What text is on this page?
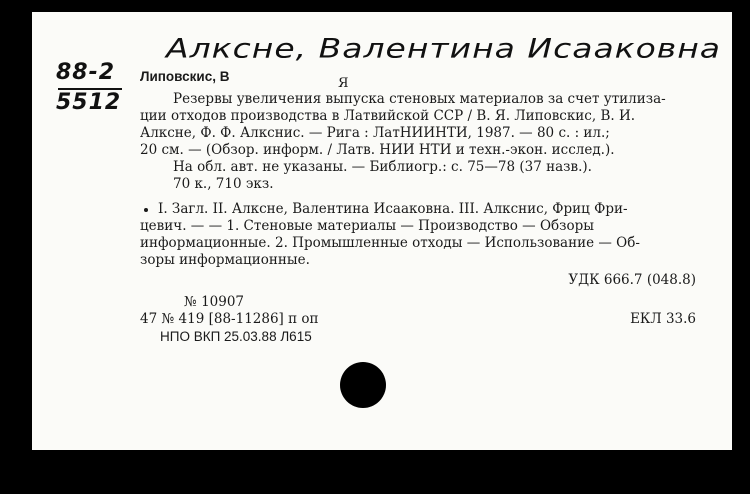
Алксне, Валентина Исааковна
88-2
5512
Липовскис, В	Я
Резервы увеличения выпуска стеновых материалов за счет утилиза-
ции отходов производства в Латвийской ССР / В. Я. Липовскис, В. И.
Алксне, Ф. Ф. Алкснис. — Рига : ЛатНИИНТИ, 1987. — 80 с. : ил.;
20 см. — (Обзор. информ. / Латв. НИИ НТИ и техн.-экон. исслед.).
На обл. авт. не указаны. — Библиогр.: с. 75—78 (37 назв.).
70 к., 710 экз.
I. Загл. II. Алксне, Валентина Исааковна. III. Алкснис, Фриц Фри-
цевич. — — 1. Стеновые материалы — Производство — Обзоры
информационные. 2. Промышленные отходы — Использование — Об-
зоры информационные.
УДК 666.7 (048.8)
№ 10907
47 № 419 [88-11286] п оп	ЕКЛ 33.6
НПО ВКП 25.03.88 Л615
